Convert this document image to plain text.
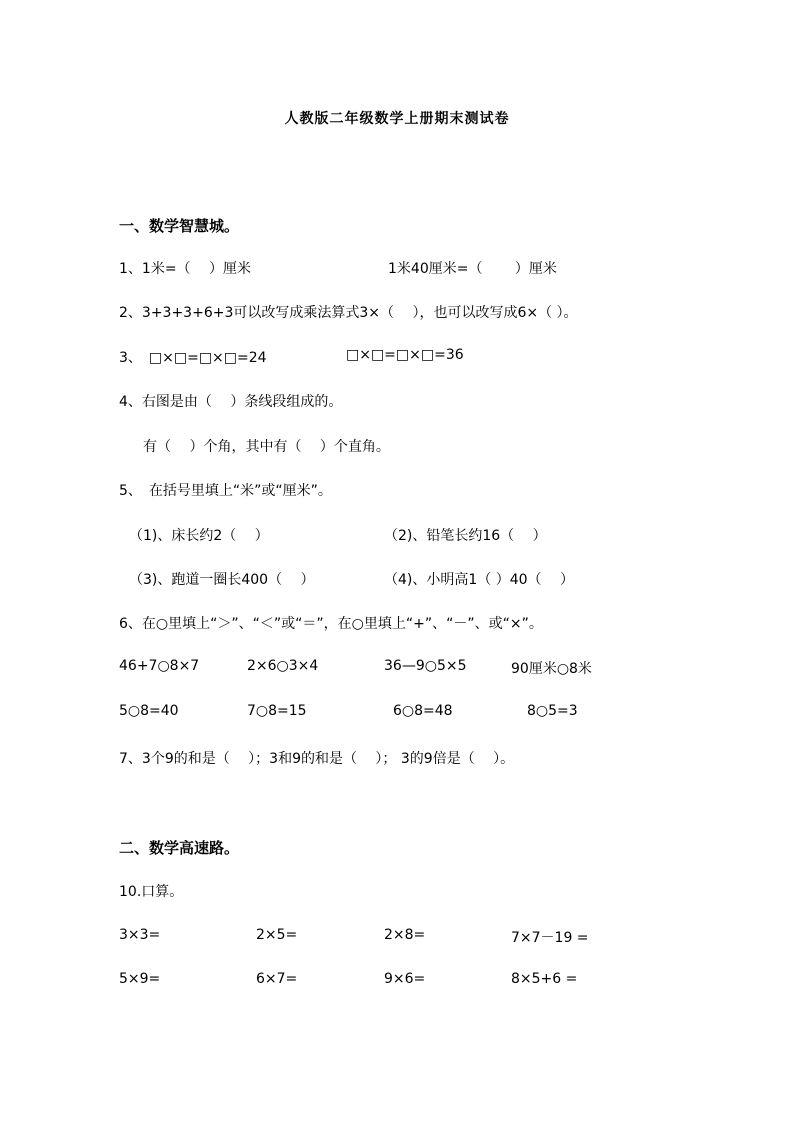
人教版二年级数学上册期末测试卷
一、数学智慧城。
1、1米=（　 ）厘米	1米40厘米=（　　 ）厘米
2、3+3+3+6+3可以改写成乘法算式3×（　 ），也可以改写成6×（ ）。
3、　□×□=□×□=24	□×□=□×□=36
4、右图是由（　 ）条线段组成的。
有（　 ）个角，其中有（　 ）个直角。
5、　在括号里填上“米”或“厘米”。
（1)、床长约2（　 ）	（2)、铅笔长约16（　 ）
（3)、跑道一圈长400（　 ）	（4)、小明高1（ ）40（　 ）
6、在○里填上“＞”、“＜”或“＝”，在○里填上“+”、“－”、或“×”。
46+7○8×7	2×6○3×4	36—9○5×5	90厘米○8米
5○8=40	7○8=15	6○8=48	8○5=3
7、3个9的和是（　 ）；3和9的和是（　 ）； 3的9倍是（　 ）。
二、数学高速路。
10.口算。
3×3=	2×5=	2×8=	7×7－19 =
5×9=	6×7=	9×6=	8×5+6 =
